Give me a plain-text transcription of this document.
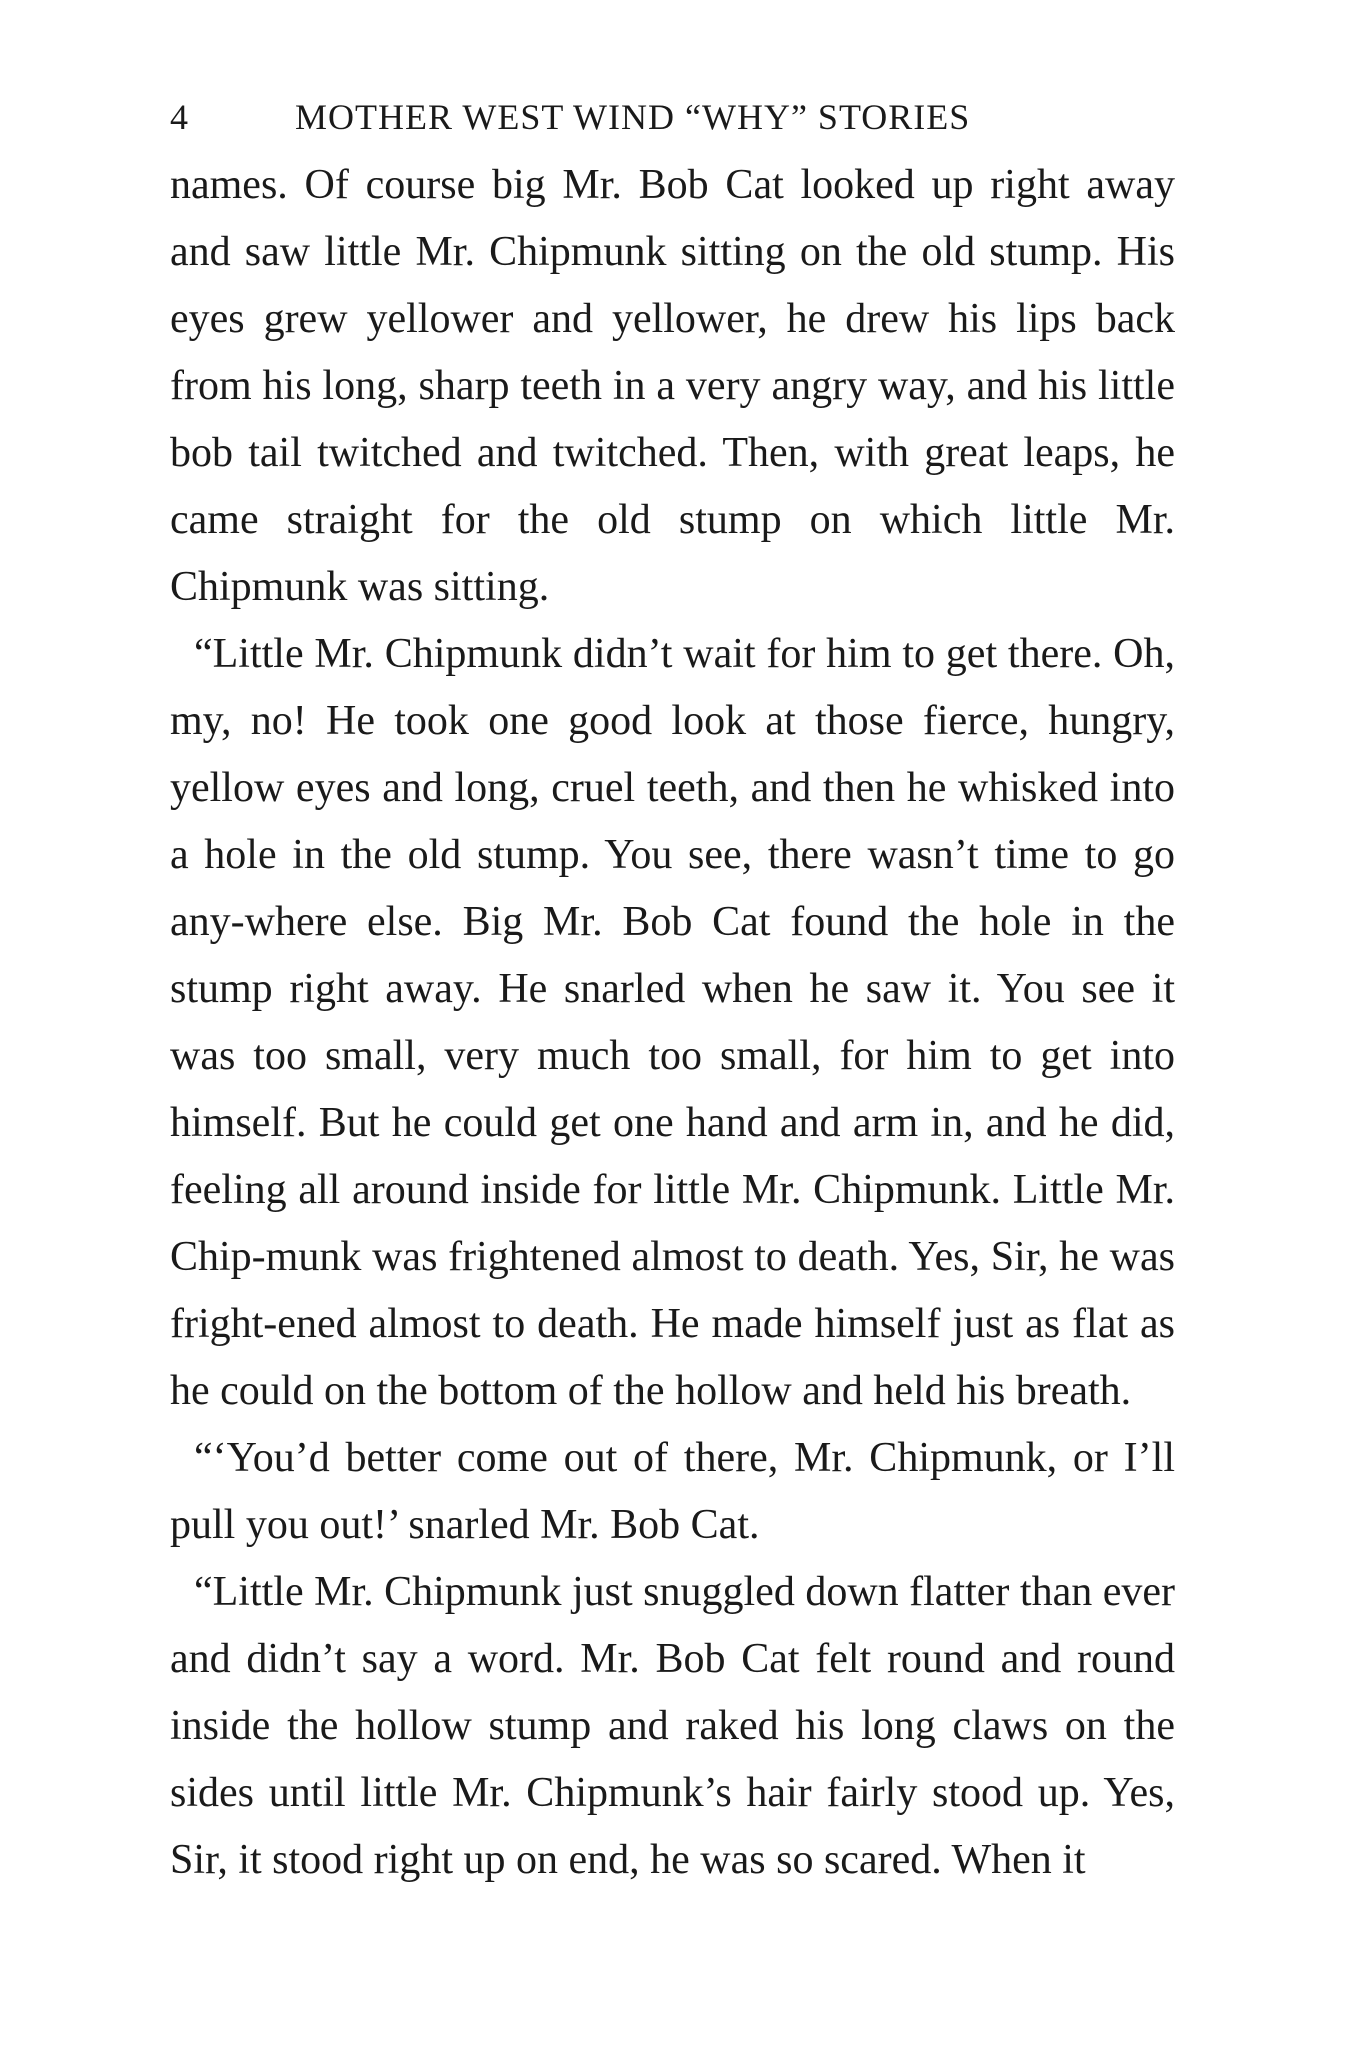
4	MOTHER WEST WIND “WHY” STORIES

names. Of course big Mr. Bob Cat looked up right away and saw little Mr. Chipmunk sitting on the old stump. His eyes grew yellower and yellower, he drew his lips back from his long, sharp teeth in a very angry way, and his little bob tail twitched and twitched. Then, with great leaps, he came straight for the old stump on which little Mr. Chipmunk was sitting.

“Little Mr. Chipmunk didn’t wait for him to get there. Oh, my, no! He took one good look at those fierce, hungry, yellow eyes and long, cruel teeth, and then he whisked into a hole in the old stump. You see, there wasn’t time to go any-where else. Big Mr. Bob Cat found the hole in the stump right away. He snarled when he saw it. You see it was too small, very much too small, for him to get into himself. But he could get one hand and arm in, and he did, feeling all around inside for little Mr. Chipmunk. Little Mr. Chip-munk was frightened almost to death. Yes, Sir, he was fright-ened almost to death. He made himself just as flat as he could on the bottom of the hollow and held his breath.

“‘You’d better come out of there, Mr. Chipmunk, or I’ll pull you out!’ snarled Mr. Bob Cat.

“Little Mr. Chipmunk just snuggled down flatter than ever and didn’t say a word. Mr. Bob Cat felt round and round inside the hollow stump and raked his long claws on the sides until little Mr. Chipmunk’s hair fairly stood up. Yes, Sir, it stood right up on end, he was so scared. When it
